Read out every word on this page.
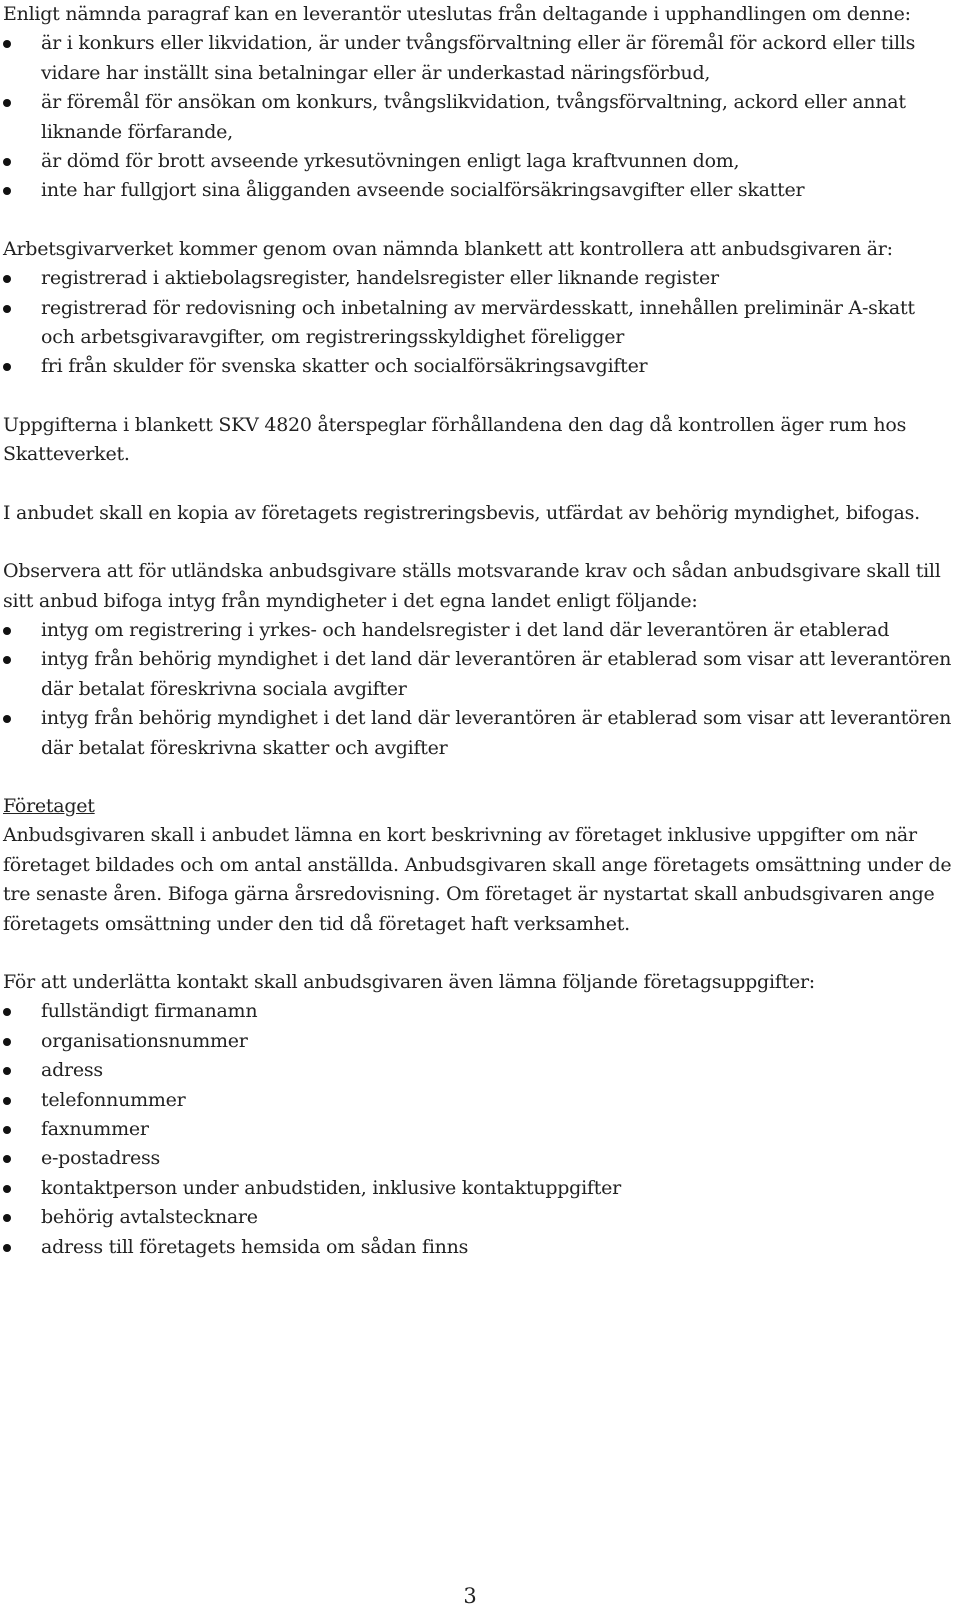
Enligt nämnda paragraf kan en leverantör uteslutas från deltagande i upphandlingen om denne:

är i konkurs eller likvidation, är under tvångsförvaltning eller är föremål för ackord eller tills vidare har inställt sina betalningar eller är underkastad näringsförbud,
är föremål för ansökan om konkurs, tvångslikvidation, tvångsförvaltning, ackord eller annat liknande förfarande,
är dömd för brott avseende yrkesutövningen enligt laga kraftvunnen dom,
inte har fullgjort sina åligganden avseende socialförsäkringsavgifter eller skatter

Arbetsgivarverket kommer genom ovan nämnda blankett att kontrollera att anbudsgivaren är:

registrerad i aktiebolagsregister, handelsregister eller liknande register
registrerad för redovisning och inbetalning av mervärdesskatt, innehållen preliminär A-skatt och arbetsgivaravgifter, om registreringsskyldighet föreligger
fri från skulder för svenska skatter och socialförsäkringsavgifter

Uppgifterna i blankett SKV 4820 återspeglar förhållandena den dag då kontrollen äger rum hos Skatteverket.

I anbudet skall en kopia av företagets registreringsbevis, utfärdat av behörig myndighet, bifogas.

Observera att för utländska anbudsgivare ställs motsvarande krav och sådan anbudsgivare skall till sitt anbud bifoga intyg från myndigheter i det egna landet enligt följande:

intyg om registrering i yrkes- och handelsregister i det land där leverantören är etablerad
intyg från behörig myndighet i det land där leverantören är etablerad som visar att leverantören där betalat föreskrivna sociala avgifter
intyg från behörig myndighet i det land där leverantören är etablerad som visar att leverantören där betalat föreskrivna skatter och avgifter

Företaget

Anbudsgivaren skall i anbudet lämna en kort beskrivning av företaget inklusive uppgifter om när företaget bildades och om antal anställda. Anbudsgivaren skall ange företagets omsättning under de tre senaste åren. Bifoga gärna årsredovisning. Om företaget är nystartat skall anbudsgivaren ange företagets omsättning under den tid då företaget haft verksamhet.

För att underlätta kontakt skall anbudsgivaren även lämna följande företagsuppgifter:

fullständigt firmanamn
organisationsnummer
adress
telefonnummer
faxnummer
e-postadress
kontaktperson under anbudstiden, inklusive kontaktuppgifter
behörig avtalstecknare
adress till företagets hemsida om sådan finns
3
